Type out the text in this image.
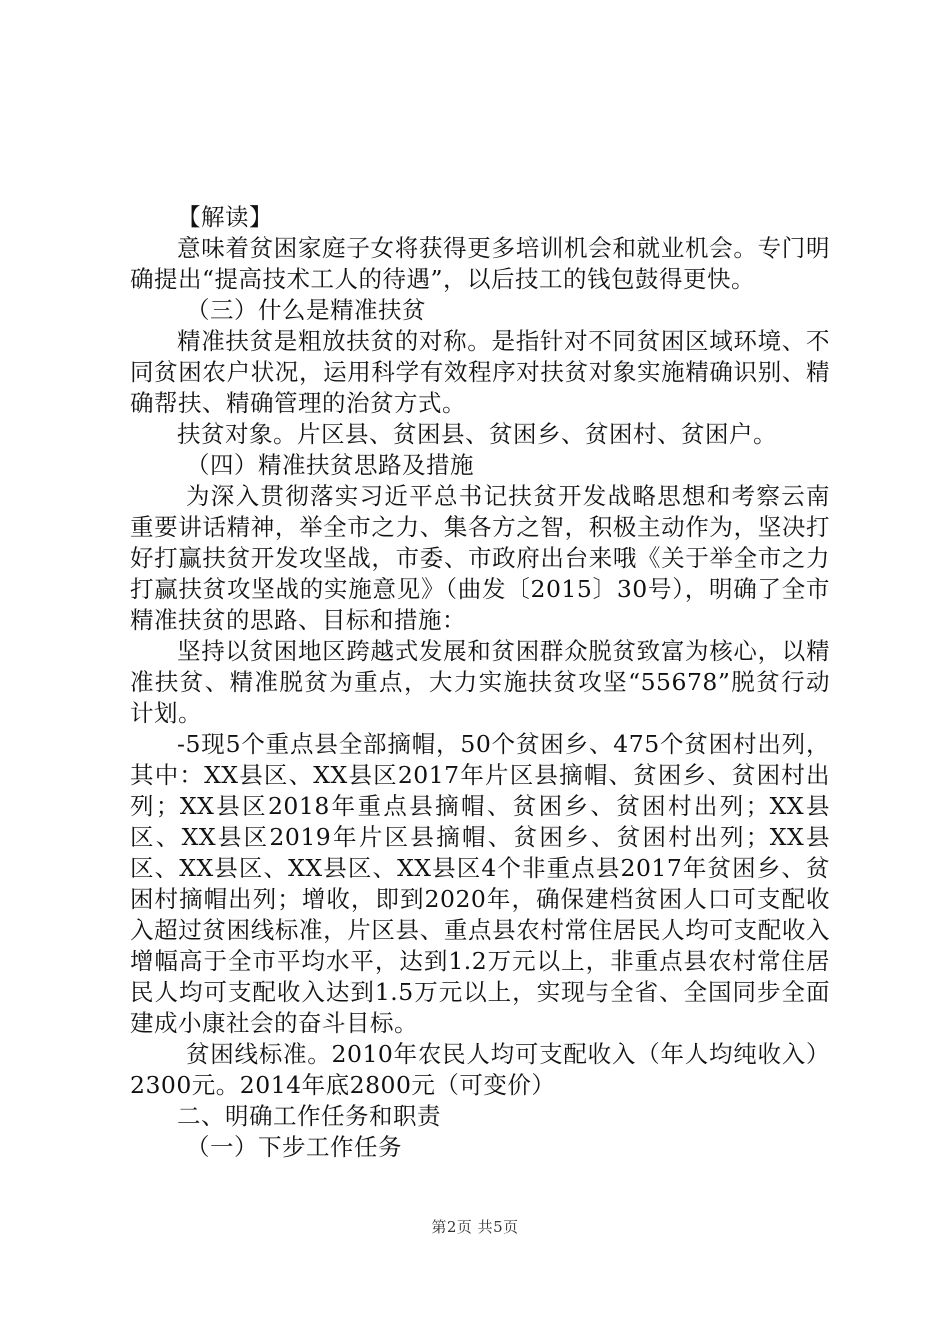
【解读】

意味着贫困家庭子女将获得更多培训机会和就业机会。专门明确提出“提高技术工人的待遇”，以后技工的钱包鼓得更快。

（三）什么是精准扶贫

精准扶贫是粗放扶贫的对称。是指针对不同贫困区域环境、不同贫困农户状况，运用科学有效程序对扶贫对象实施精确识别、精确帮扶、精确管理的治贫方式。

扶贫对象。片区县、贫困县、贫困乡、贫困村、贫困户。

（四）精准扶贫思路及措施

为深入贯彻落实习近平总书记扶贫开发战略思想和考察云南重要讲话精神，举全市之力、集各方之智，积极主动作为，坚决打好打赢扶贫开发攻坚战，市委、市政府出台来哦《关于举全市之力打赢扶贫攻坚战的实施意见》（曲发〔2015〕30号），明确了全市精准扶贫的思路、目标和措施：

坚持以贫困地区跨越式发展和贫困群众脱贫致富为核心，以精准扶贫、精准脱贫为重点，大力实施扶贫攻坚“55678”脱贫行动计划。

-5现5个重点县全部摘帽，50个贫困乡、475个贫困村出列，其中：XX县区、XX县区2017年片区县摘帽、贫困乡、贫困村出列；XX县区2018年重点县摘帽、贫困乡、贫困村出列；XX县区、XX县区2019年片区县摘帽、贫困乡、贫困村出列；XX县区、XX县区、XX县区、XX县区4个非重点县2017年贫困乡、贫困村摘帽出列；增收，即到2020年，确保建档贫困人口可支配收入超过贫困线标准，片区县、重点县农村常住居民人均可支配收入增幅高于全市平均水平，达到1.2万元以上，非重点县农村常住居民人均可支配收入达到1.5万元以上，实现与全省、全国同步全面建成小康社会的奋斗目标。

贫困线标准。2010年农民人均可支配收入（年人均纯收入）2300元。2014年底2800元（可变价）

二、明确工作任务和职责

（一）下步工作任务

第2页 共5页
